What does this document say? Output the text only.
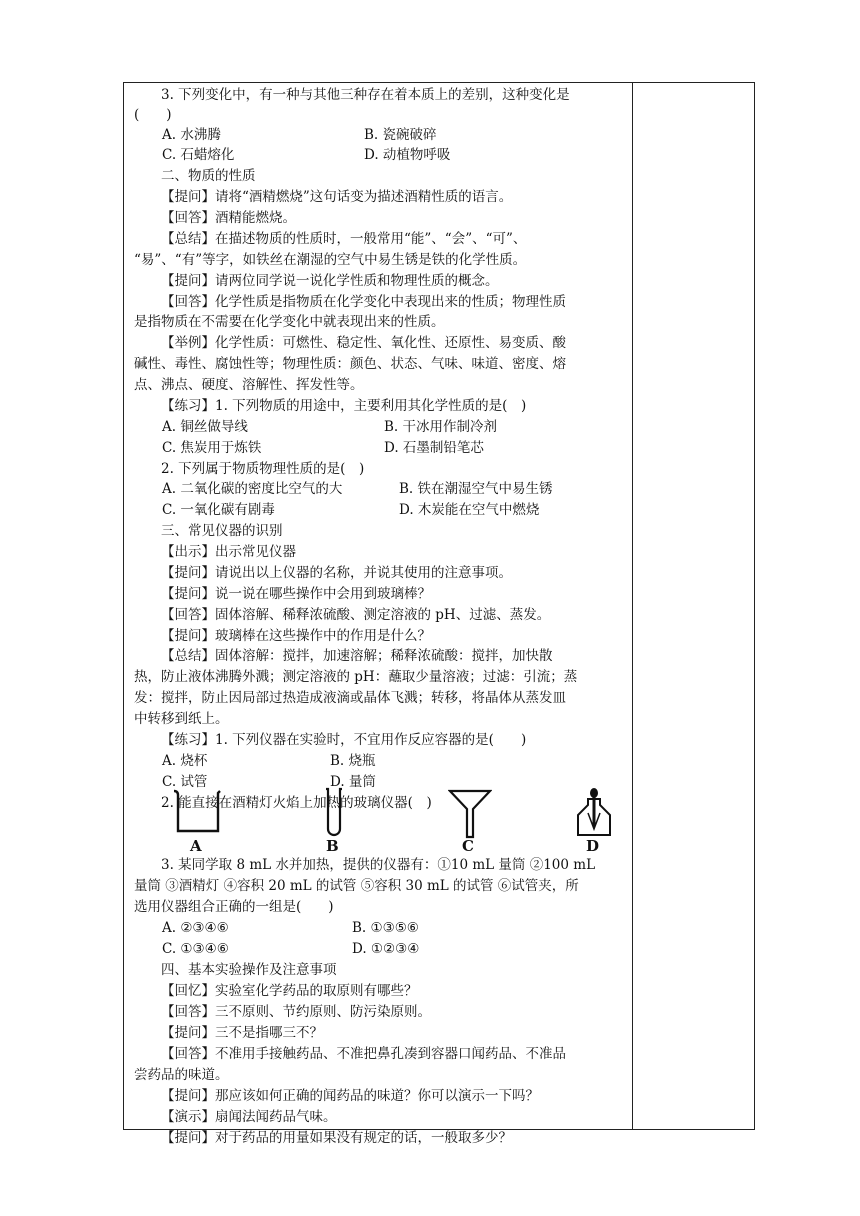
3. 下列变化中，有一种与其他三种存在着本质上的差别，这种变化是
(　　)
A. 水沸腾	B. 瓷碗破碎
C. 石蜡熔化	D. 动植物呼吸
二、物质的性质
【提问】请将“酒精燃烧”这句话变为描述酒精性质的语言。
【回答】酒精能燃烧。
【总结】在描述物质的性质时，一般常用“能”、“会”、“可”、
“易”、“有”等字，如铁丝在潮湿的空气中易生锈是铁的化学性质。
【提问】请两位同学说一说化学性质和物理性质的概念。
【回答】化学性质是指物质在化学变化中表现出来的性质；物理性质
是指物质在不需要在化学变化中就表现出来的性质。
【举例】化学性质：可燃性、稳定性、氧化性、还原性、易变质、酸
碱性、毒性、腐蚀性等；物理性质：颜色、状态、气味、味道、密度、熔
点、沸点、硬度、溶解性、挥发性等。
【练习】1. 下列物质的用途中，主要利用其化学性质的是(　)
A. 铜丝做导线	B. 干冰用作制冷剂
C. 焦炭用于炼铁	D. 石墨制铅笔芯
2. 下列属于物质物理性质的是(　)
A. 二氧化碳的密度比空气的大	B. 铁在潮湿空气中易生锈
C. 一氧化碳有剧毒	D. 木炭能在空气中燃烧
三、常见仪器的识别
【出示】出示常见仪器
【提问】请说出以上仪器的名称，并说其使用的注意事项。
【提问】说一说在哪些操作中会用到玻璃棒？
【回答】固体溶解、稀释浓硫酸、测定溶液的 pH、过滤、蒸发。
【提问】玻璃棒在这些操作中的作用是什么？
【总结】固体溶解：搅拌，加速溶解；稀释浓硫酸：搅拌，加快散
热，防止液体沸腾外溅；测定溶液的 pH：蘸取少量溶液；过滤：引流；蒸
发：搅拌，防止因局部过热造成液滴或晶体飞溅；转移，将晶体从蒸发皿
中转移到纸上。
【练习】1. 下列仪器在实验时，不宜用作反应容器的是(　　)
A. 烧杯	B. 烧瓶
C. 试管	D. 量筒
2. 能直接在酒精灯火焰上加热的玻璃仪器(　)
A	B	C	D
3. 某同学取 8 mL 水并加热，提供的仪器有：①10 mL 量筒 ②100 mL
量筒 ③酒精灯 ④容积 20 mL 的试管 ⑤容积 30 mL 的试管 ⑥试管夹，所
选用仪器组合正确的一组是(　　)
A. ②③④⑥	B. ①③⑤⑥
C. ①③④⑥	D. ①②③④
四、基本实验操作及注意事项
【回忆】实验室化学药品的取原则有哪些？
【回答】三不原则、节约原则、防污染原则。
【提问】三不是指哪三不？
【回答】不准用手接触药品、不准把鼻孔凑到容器口闻药品、不准品
尝药品的味道。
【提问】那应该如何正确的闻药品的味道？你可以演示一下吗？
【演示】扇闻法闻药品气味。
【提问】对于药品的用量如果没有规定的话，一般取多少？
